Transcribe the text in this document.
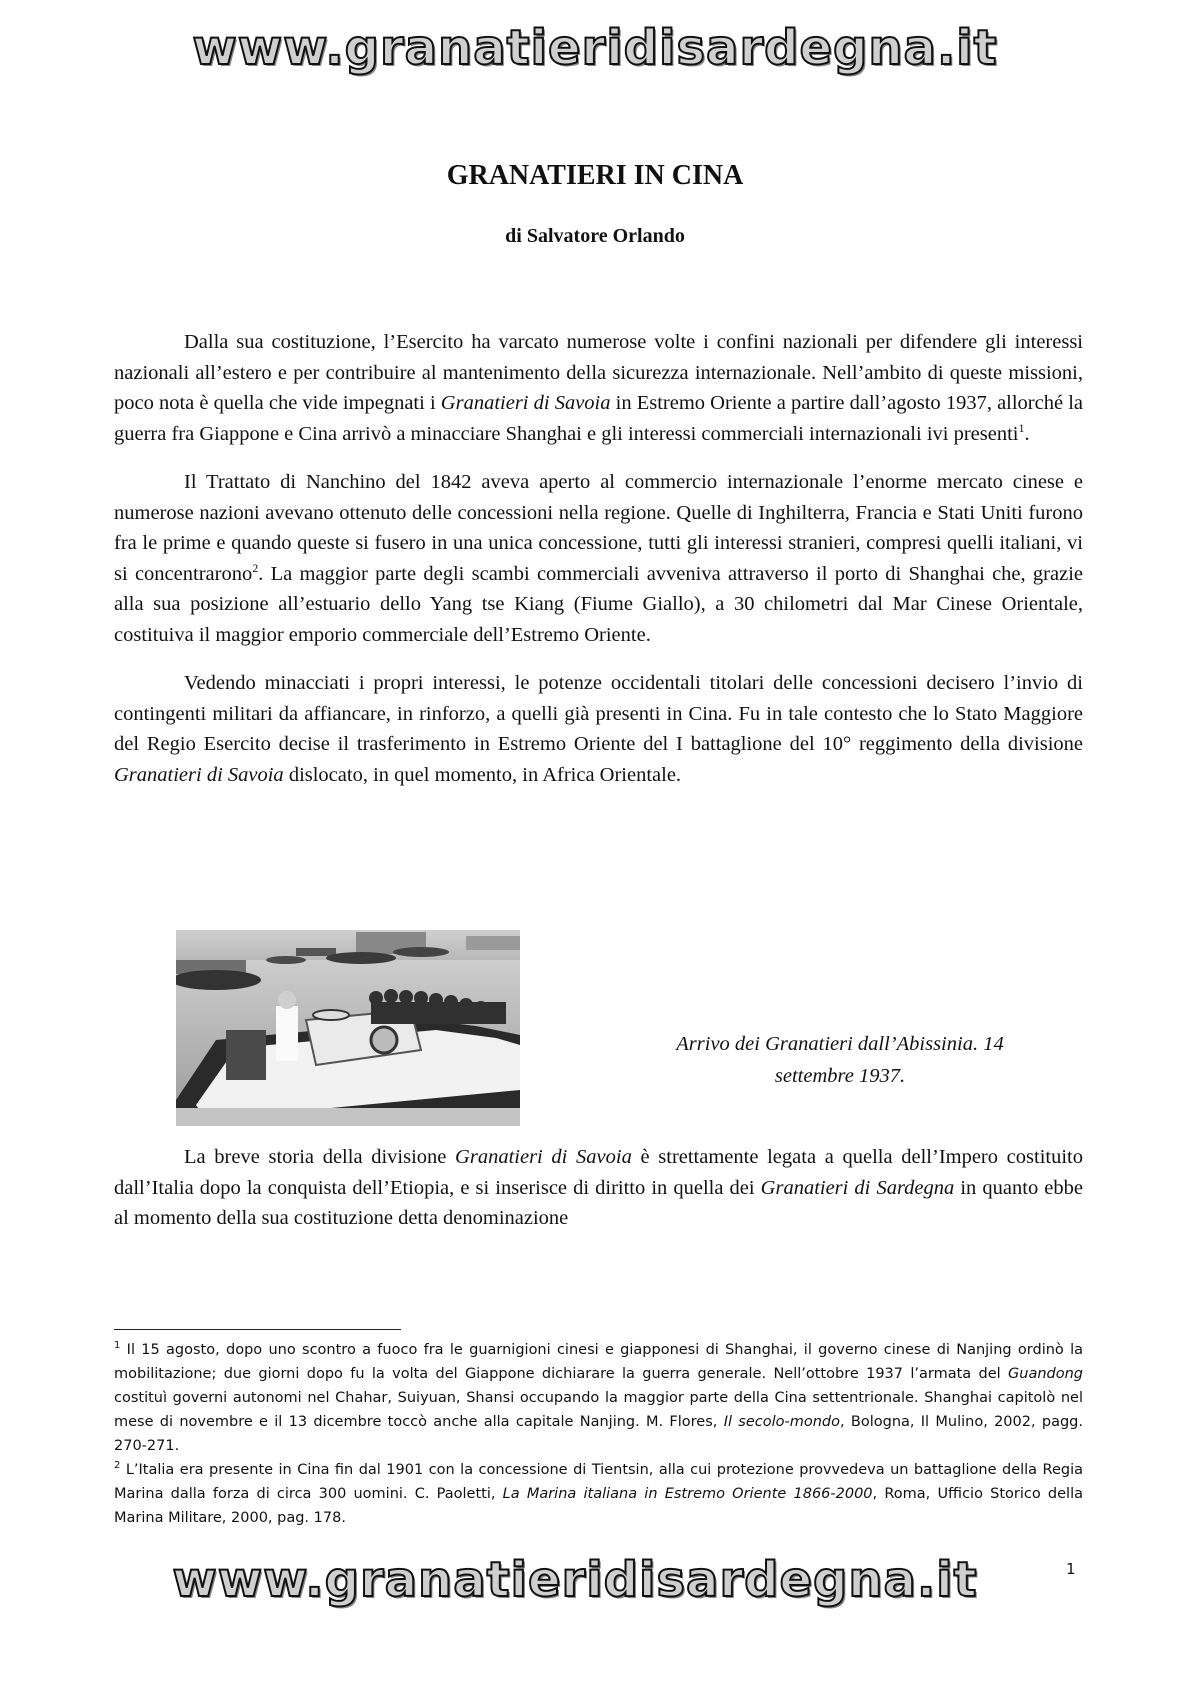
www.granatieridisardegna.it
GRANATIERI IN CINA
di Salvatore Orlando

Dalla sua costituzione, l’Esercito ha varcato numerose volte i confini nazionali per difendere gli interessi nazionali all’estero e per contribuire al mantenimento della sicurezza internazionale. Nell’ambito di queste missioni, poco nota è quella che vide impegnati i Granatieri di Savoia in Estremo Oriente a partire dall’agosto 1937, allorché la guerra fra Giappone e Cina arrivò a minacciare Shanghai e gli interessi commerciali internazionali ivi presenti$^1$.

Il Trattato di Nanchino del 1842 aveva aperto al commercio internazionale l’enorme mercato cinese e numerose nazioni avevano ottenuto delle concessioni nella regione. Quelle di Inghilterra, Francia e Stati Uniti furono fra le prime e quando queste si fusero in una unica concessione, tutti gli interessi stranieri, compresi quelli italiani, vi si concentrarono$^2$. La maggior parte degli scambi commerciali avveniva attraverso il porto di Shanghai che, grazie alla sua posizione all’estuario dello Yang tse Kiang (Fiume Giallo), a 30 chilometri dal Mar Cinese Orientale, costituiva il maggior emporio commerciale dell’Estremo Oriente.

Vedendo minacciati i propri interessi, le potenze occidentali titolari delle concessioni decisero l’invio di contingenti militari da affiancare, in rinforzo, a quelli già presenti in Cina. Fu in tale contesto che lo Stato Maggiore del Regio Esercito decise il trasferimento in Estremo Oriente del I battaglione del 10° reggimento della divisione Granatieri di Savoia dislocato, in quel momento, in Africa Orientale.

Arrivo dei Granatieri dall’Abissinia. 14
settembre 1937.

La breve storia della divisione Granatieri di Savoia è strettamente legata a quella dell’Impero costituito dall’Italia dopo la conquista dell’Etiopia, e si inserisce di diritto in quella dei Granatieri di Sardegna in quanto ebbe al momento della sua costituzione detta denominazione

$^1$ Il 15 agosto, dopo uno scontro a fuoco fra le guarnigioni cinesi e giapponesi di Shanghai, il governo cinese di Nanjing ordinò la mobilitazione; due giorni dopo fu la volta del Giappone dichiarare la guerra generale. Nell’ottobre 1937 l’armata del Guandong costituì governi autonomi nel Chahar, Suiyuan, Shansi occupando la maggior parte della Cina settentrionale. Shanghai capitolò nel mese di novembre e il 13 dicembre toccò anche alla capitale Nanjing. M. Flores, Il secolo-mondo, Bologna, Il Mulino, 2002, pagg. 270-271.

$^2$ L’Italia era presente in Cina fin dal 1901 con la concessione di Tientsin, alla cui protezione provvedeva un battaglione della Regia Marina dalla forza di circa 300 uomini. C. Paoletti, La Marina italiana in Estremo Oriente 1866-2000, Roma, Ufficio Storico della Marina Militare, 2000, pag. 178.

1
www.granatieridisardegna.it
